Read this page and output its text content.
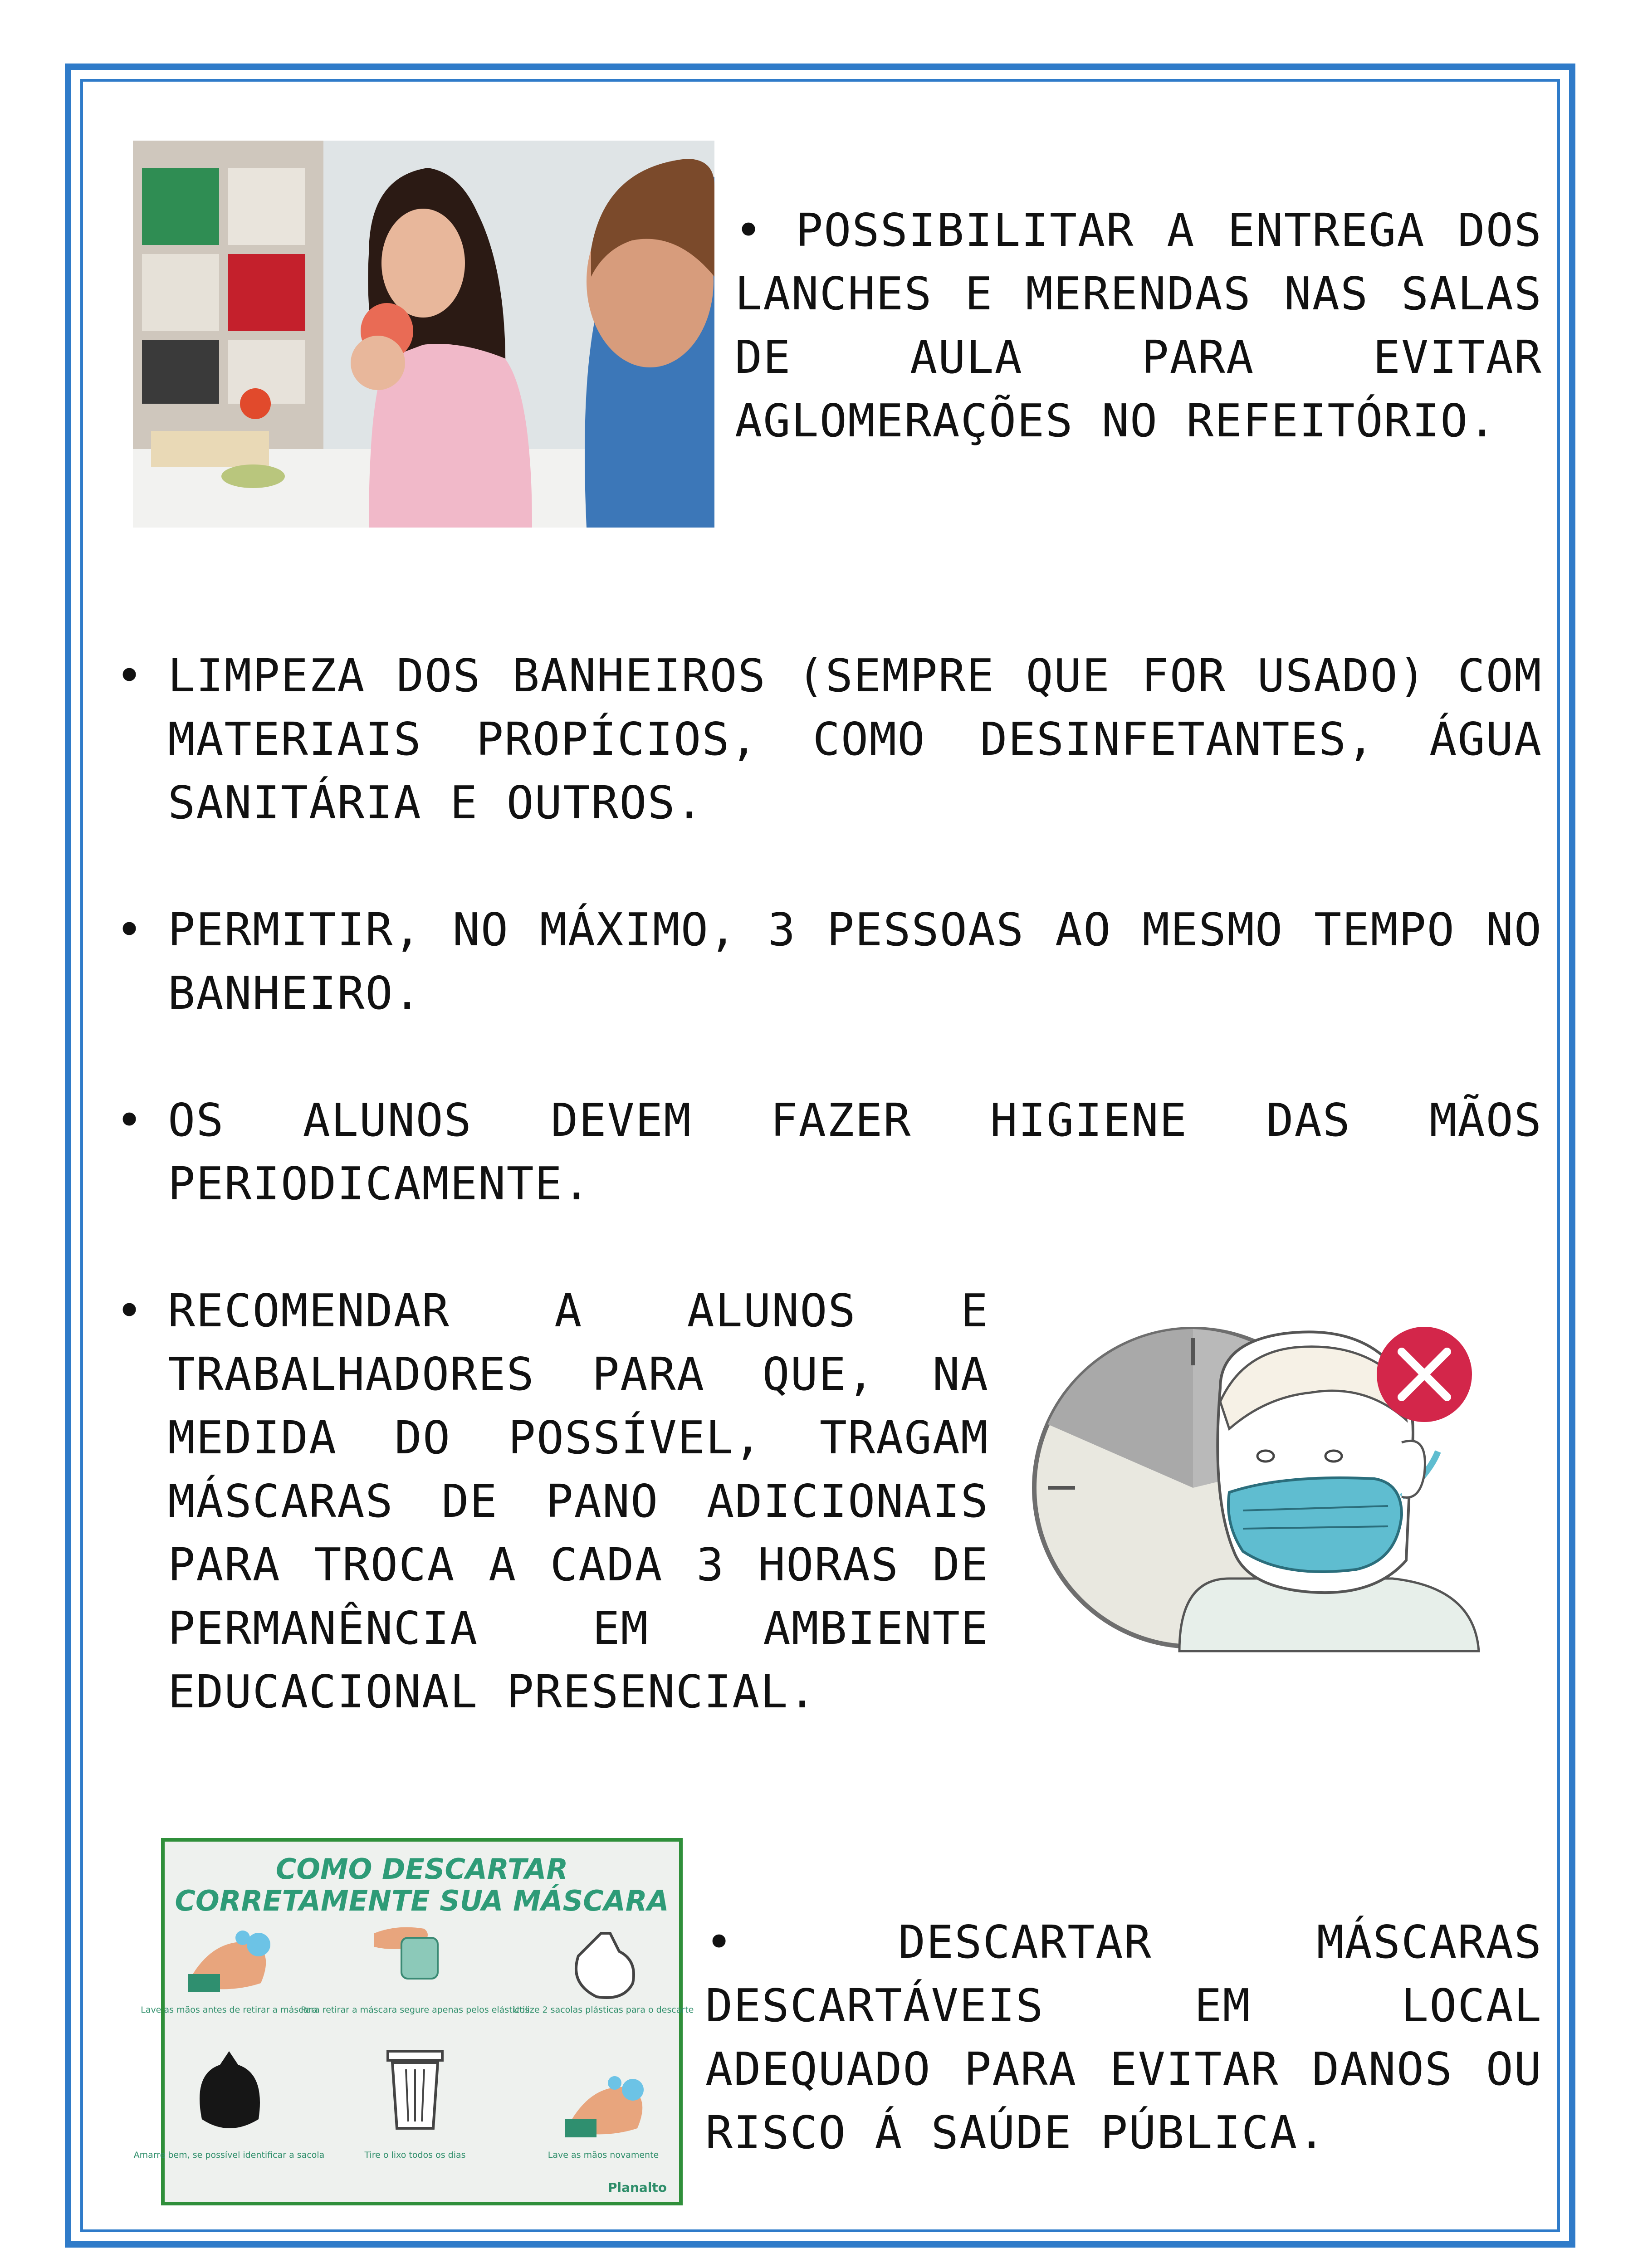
• POSSIBILITAR A ENTREGA DOS LANCHES E MERENDAS NAS SALAS DE AULA PARA EVITAR AGLOMERAÇÕES NO REFEITÓRIO.
• LIMPEZA DOS BANHEIROS (SEMPRE QUE FOR USADO) COM MATERIAIS PROPÍCIOS, COMO DESINFETANTES, ÁGUA SANITÁRIA E OUTROS.
• PERMITIR, NO MÁXIMO, 3 PESSOAS AO MESMO TEMPO NO BANHEIRO.
• OS ALUNOS DEVEM FAZER HIGIENE DAS MÃOS PERIODICAMENTE.
• RECOMENDAR A ALUNOS E TRABALHADORES PARA QUE, NA MEDIDA DO POSSÍVEL, TRAGAM MÁSCARAS DE PANO ADICIONAIS PARA TROCA A CADA 3 HORAS DE PERMANÊNCIA EM AMBIENTE EDUCACIONAL PRESENCIAL.
COMO DESCARTAR
CORRETAMENTE SUA MÁSCARA
Lave as mãos antes de retirar a máscara
Para retirar a máscara segure apenas pelos elásticos
Utilize 2 sacolas plásticas para o descarte
Amarre bem, se possível identificar a sacola	Tire o lixo todos os dias	Lave as mãos novamente
Planalto
• DESCARTAR MÁSCARAS DESCARTÁVEIS EM LOCAL ADEQUADO PARA EVITAR DANOS OU RISCO Á SAÚDE PÚBLICA.
